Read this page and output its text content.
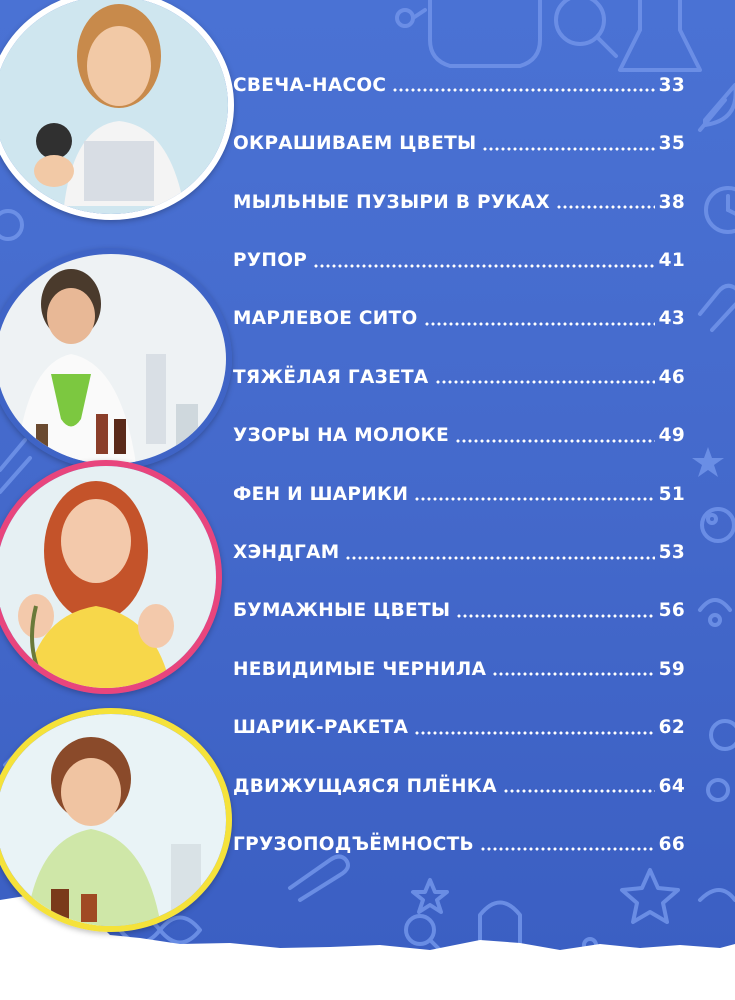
СВЕЧА-НАСОС	33
ОКРАШИВАЕМ ЦВЕТЫ	35
МЫЛЬНЫЕ ПУЗЫРИ В РУКАХ	38
РУПОР	41
МАРЛЕВОЕ СИТО	43
ТЯЖЁЛАЯ ГАЗЕТА	46
УЗОРЫ НА МОЛОКЕ	49
ФЕН И ШАРИКИ	51
ХЭНДГАМ	53
БУМАЖНЫЕ ЦВЕТЫ	56
НЕВИДИМЫЕ ЧЕРНИЛА	59
ШАРИК-РАКЕТА	62
ДВИЖУЩАЯСЯ ПЛЁНКА	64
ГРУЗОПОДЪЁМНОСТЬ	66
